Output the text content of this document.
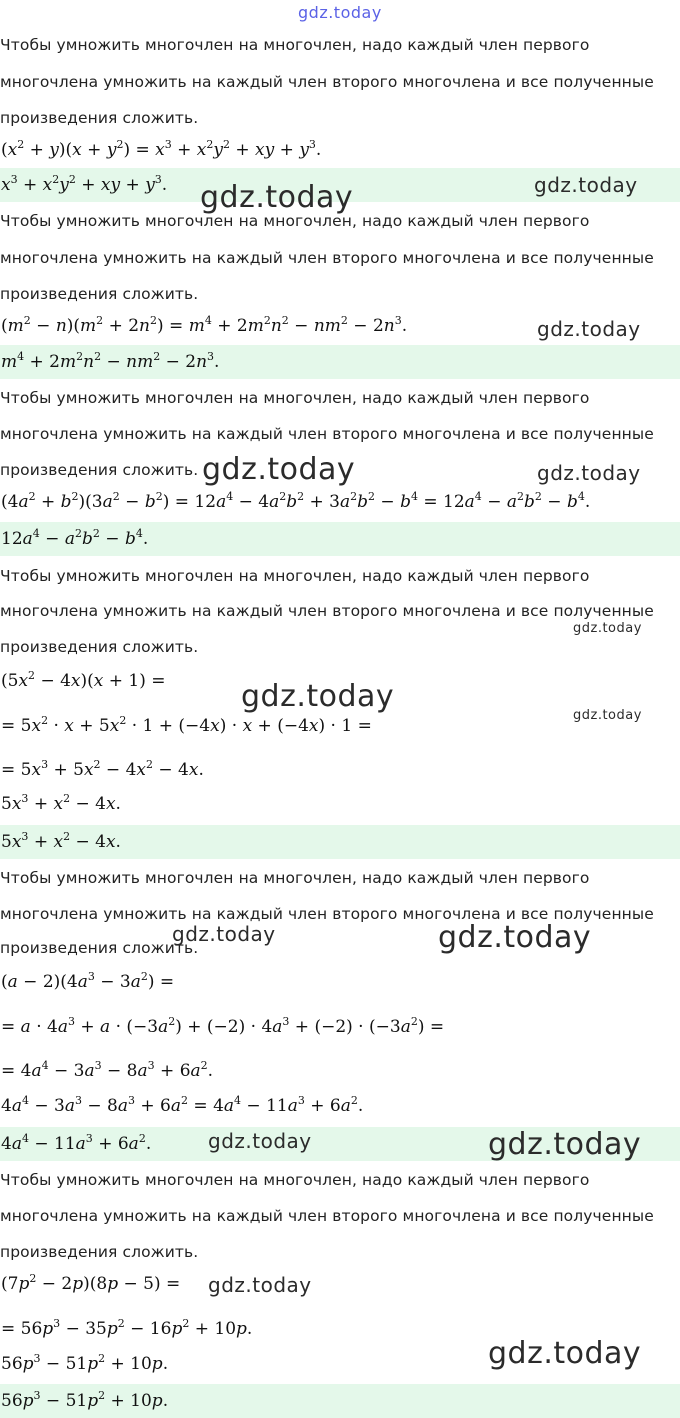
Чтобы умножить многочлен на многочлен, надо каждый член первого
многочлена умножить на каждый член второго многочлена и все полученные
произведения сложить.
$(x^2 + y)(x + y^2) = x^3 + x^2y^2$ + xy + $y^3$.
$x^3 + x^2y^2$ + xy + $y^3$.
Чтобы умножить многочлен на многочлен, надо каждый член первого
многочлена умножить на каждый член второго многочлена и все полученные
произведения сложить.
$(m^2 - n)(m^2 + 2n^2) = m^4 + 2m^2n^2 - nm^2 - 2n^3$.
$m^4 + 2m^2n^2 - nm^2 - 2n^3$.
Чтобы умножить многочлен на многочлен, надо каждый член первого
многочлена умножить на каждый член второго многочлена и все полученные
произведения сложить.
$(4a^2 + b^2)(3a^2 - b^2) = 12a^4 - 4a^2b^2 + 3a^2b^2 - b^4 = 12a^4 - a^2b^2 - b^4$.
$12a^4 - a^2b^2 - b^4$.
Чтобы умножить многочлен на многочлен, надо каждый член первого
многочлена умножить на каждый член второго многочлена и все полученные
произведения сложить.
$(5x^2 - 4x)(x + 1)$ =
= $5x^2 \cdot x + 5x^2 \cdot 1 + (-4x) \cdot x + (-4x) \cdot 1$ =
= $5x^3 + 5x^2 - 4x^2 - 4x$.
$5x^3 + x^2 - 4x$.
$5x^3 + x^2 - 4x$.
Чтобы умножить многочлен на многочлен, надо каждый член первого
многочлена умножить на каждый член второго многочлена и все полученные
произведения сложить.
$(a - 2)(4a^3 - 3a^2)$ =
= $a \cdot 4a^3 + a \cdot (-3a^2) + (-2) \cdot 4a^3 + (-2) \cdot (-3a^2)$ =
= $4a^4 - 3a^3 - 8a^3 + 6a^2$.
$4a^4 - 3a^3 - 8a^3 + 6a^2 = 4a^4 - 11a^3 + 6a^2$.
$4a^4 - 11a^3 + 6a^2$.
Чтобы умножить многочлен на многочлен, надо каждый член первого
многочлена умножить на каждый член второго многочлена и все полученные
произведения сложить.
$(7p^2 - 2p)(8p - 5)$ =
= $56p^3 - 35p^2 - 16p^2 + 10p$.
$56p^3 - 51p^2 + 10p$.
$56p^3 - 51p^2 + 10p$.
gdz.today
gdz.today	gdz.today
gdz.today
gdz.today	gdz.today
gdz.today
gdz.today
gdz.today
gdz.today
gdz.today
gdz.today	gdz.today
gdz.today
gdz.today
